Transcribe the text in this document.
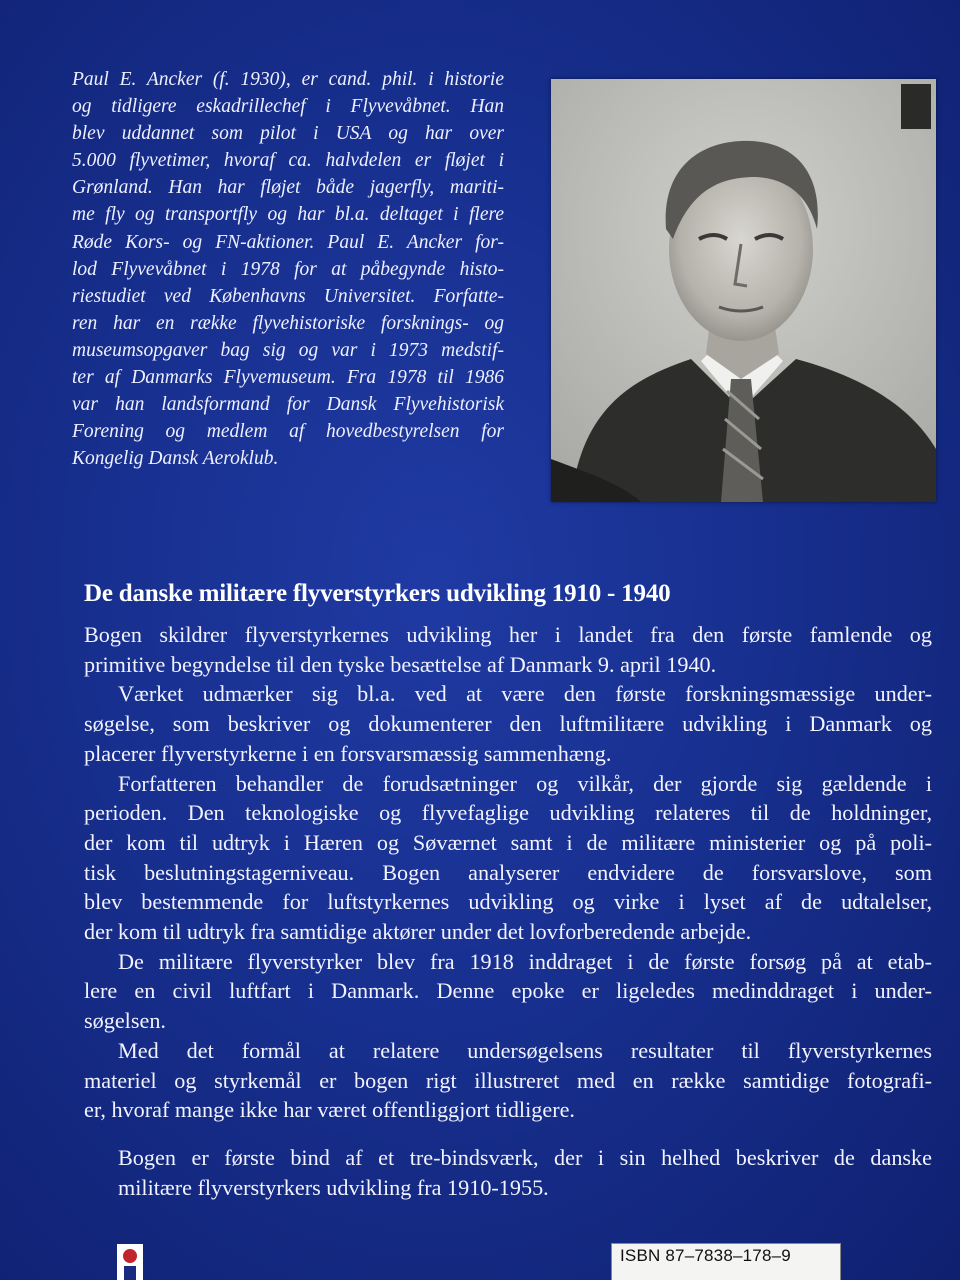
Paul E. Ancker (f. 1930), er cand. phil. i historie
og tidligere eskadrillechef i Flyvevåbnet. Han
blev uddannet som pilot i USA og har over
5.000 flyvetimer, hvoraf ca. halvdelen er fløjet i
Grønland. Han har fløjet både jagerfly, mariti-
me fly og transportfly og har bl.a. deltaget i flere
Røde Kors- og FN-aktioner. Paul E. Ancker for-
lod Flyvevåbnet i 1978 for at påbegynde histo-
riestudiet ved Københavns Universitet. Forfatte-
ren har en række flyvehistoriske forsknings- og
museumsopgaver bag sig og var i 1973 medstif-
ter af Danmarks Flyvemuseum. Fra 1978 til 1986
var han landsformand for Dansk Flyvehistorisk
Forening og medlem af hovedbestyrelsen for
Kongelig Dansk Aeroklub.
De danske militære flyverstyrkers udvikling 1910 - 1940
Bogen skildrer flyverstyrkernes udvikling her i landet fra den første famlende og
primitive begyndelse til den tyske besættelse af Danmark 9. april 1940.
Værket udmærker sig bl.a. ved at være den første forskningsmæssige under-
søgelse, som beskriver og dokumenterer den luftmilitære udvikling i Danmark og
placerer flyverstyrkerne i en forsvarsmæssig sammenhæng.
Forfatteren behandler de forudsætninger og vilkår, der gjorde sig gældende i
perioden. Den teknologiske og flyvefaglige udvikling relateres til de holdninger,
der kom til udtryk i Hæren og Søværnet samt i de militære ministerier og på poli-
tisk beslutningstagerniveau. Bogen analyserer endvidere de forsvarslove, som
blev bestemmende for luftstyrkernes udvikling og virke i lyset af de udtalelser,
der kom til udtryk fra samtidige aktører under det lovforberedende arbejde.
De militære flyverstyrker blev fra 1918 inddraget i de første forsøg på at etab-
lere en civil luftfart i Danmark. Denne epoke er ligeledes medinddraget i under-
søgelsen.
Med det formål at relatere undersøgelsens resultater til flyverstyrkernes
materiel og styrkemål er bogen rigt illustreret med en række samtidige fotografi-
er, hvoraf mange ikke har været offentliggjort tidligere.
Bogen er første bind af et tre-bindsværk, der i sin helhed beskriver de danske
militære flyverstyrkers udvikling fra 1910-1955.
ISBN 87–7838–178–9
